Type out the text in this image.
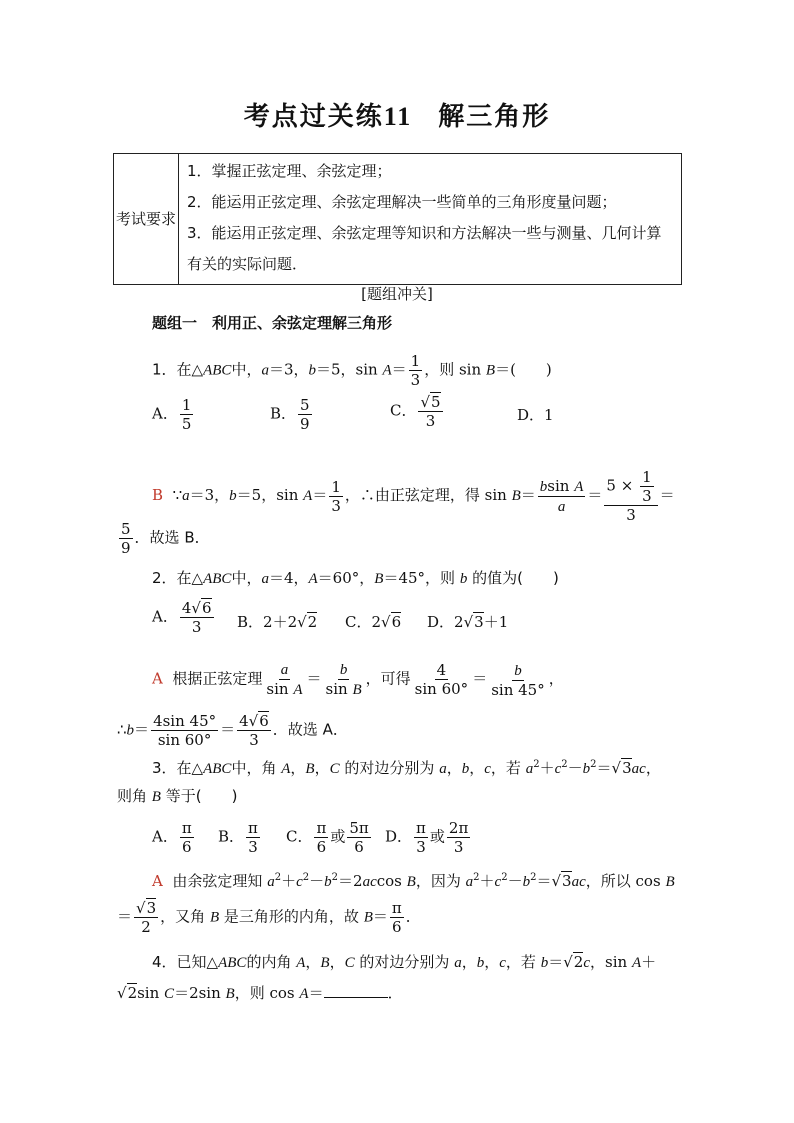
考点过关练11 解三角形
考试要求	
1．掌握正弦定理、余弦定理；
2．能运用正弦定理、余弦定理解决一些简单的三角形度量问题；
3．能运用正弦定理、余弦定理等知识和方法解决一些与测量、几何计算有关的实际问题．
[题组冲关]
题组一　利用正、余弦定理解三角形
1．在△ABC中，a＝3，b＝5，$\sin A= \frac{1}{3}$ ，则 sin B＝(　　)
A． $\frac{1}{5}$	B． $\frac{5}{9}$	C． $\frac{√5}{3}$	D．1
B  ∵a＝3，b＝5，$\sin A= \frac{1}{3}$ ，∴由正弦定理，得 $\sin B= \frac{\text{bsin A}}{a} = \frac{5 \times \frac{1}{3}}{3}$ ＝
$\frac{5}{9}$ ．故选 B．
2．在△ABC中，a＝4，A＝60°，B＝45°，则 b 的值为(　　)
A． $\frac{4√6}{3}$ B．2＋2√2 C．2√6 D．2√3＋1
A 根据正弦定理 $\frac{a}{\text{sin A}} = \frac{b}{\text{sin B}}$ ，可得 $\frac{4}{\sin 60^\circ} = \frac{b}{\sin 45^\circ}$ ，
∴b＝ $\frac{4\sin 45^\circ}{\sin 60^\circ} = \frac{4√6}{3}$ ．故选 A．
3．在△ABC中，角 A，B，C 的对边分别为 a，b，c，若 $a^2+c^2-b^2=√3ac$，
则角 B 等于(　　)
A． $\frac{\pi}{6}$ B． $\frac{\pi}{3}$ C． $\frac{\pi}{6}$ 或 $\frac{5\pi}{6}$ D． $\frac{\pi}{3}$ 或 $\frac{2\pi}{3}$
A 由余弦定理知 $a^2+c^2-b^2=2accos$ B，因为 $a^2+c^2-b^2=√3ac$，所以 cos B
＝ $\frac{√3}{2}$ ，又角 B 是三角形的内角，故 $B= \frac{\pi}{6}$ ．
4．已知△ABC的内角 A，B，C 的对边分别为 a，b，c，若 b＝√2c，sin A＋
√2sin C＝2sin B，则 cos A＝	．
